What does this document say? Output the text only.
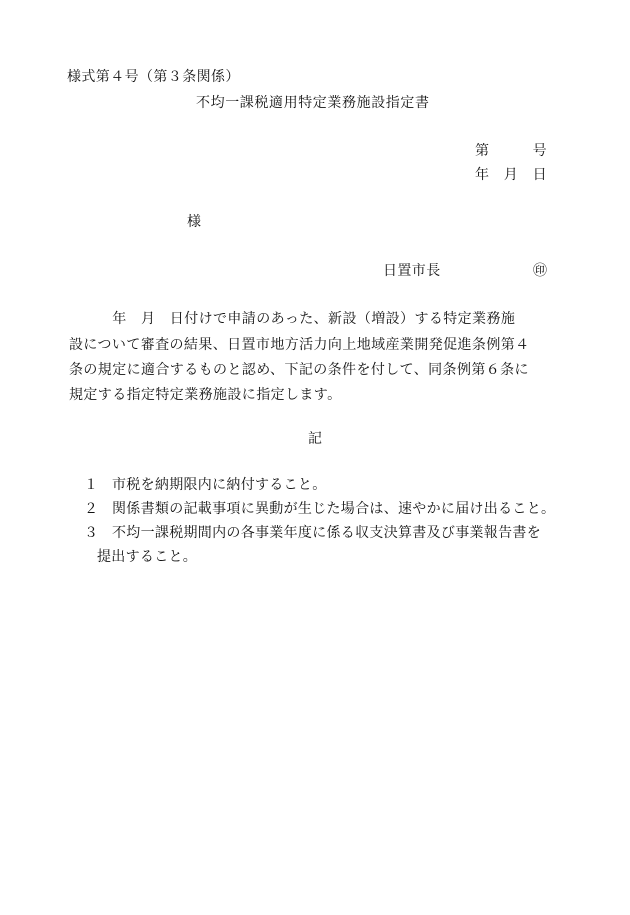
様式第４号（第３条関係）
不均一課税適用特定業務施設指定書
第　　　号
年　月　日
様
日置市長	㊞
　　　年　月　日付けで申請のあった、新設（増設）する特定業務施
設について審査の結果、日置市地方活力向上地域産業開発促進条例第４
条の規定に適合するものと認め、下記の条件を付して、同条例第６条に
規定する指定特定業務施設に指定します。
記
１ 市税を納期限内に納付すること。
２ 関係書類の記載事項に異動が生じた場合は、速やかに届け出ること。
３ 不均一課税期間内の各事業年度に係る収支決算書及び事業報告書を
提出すること。
